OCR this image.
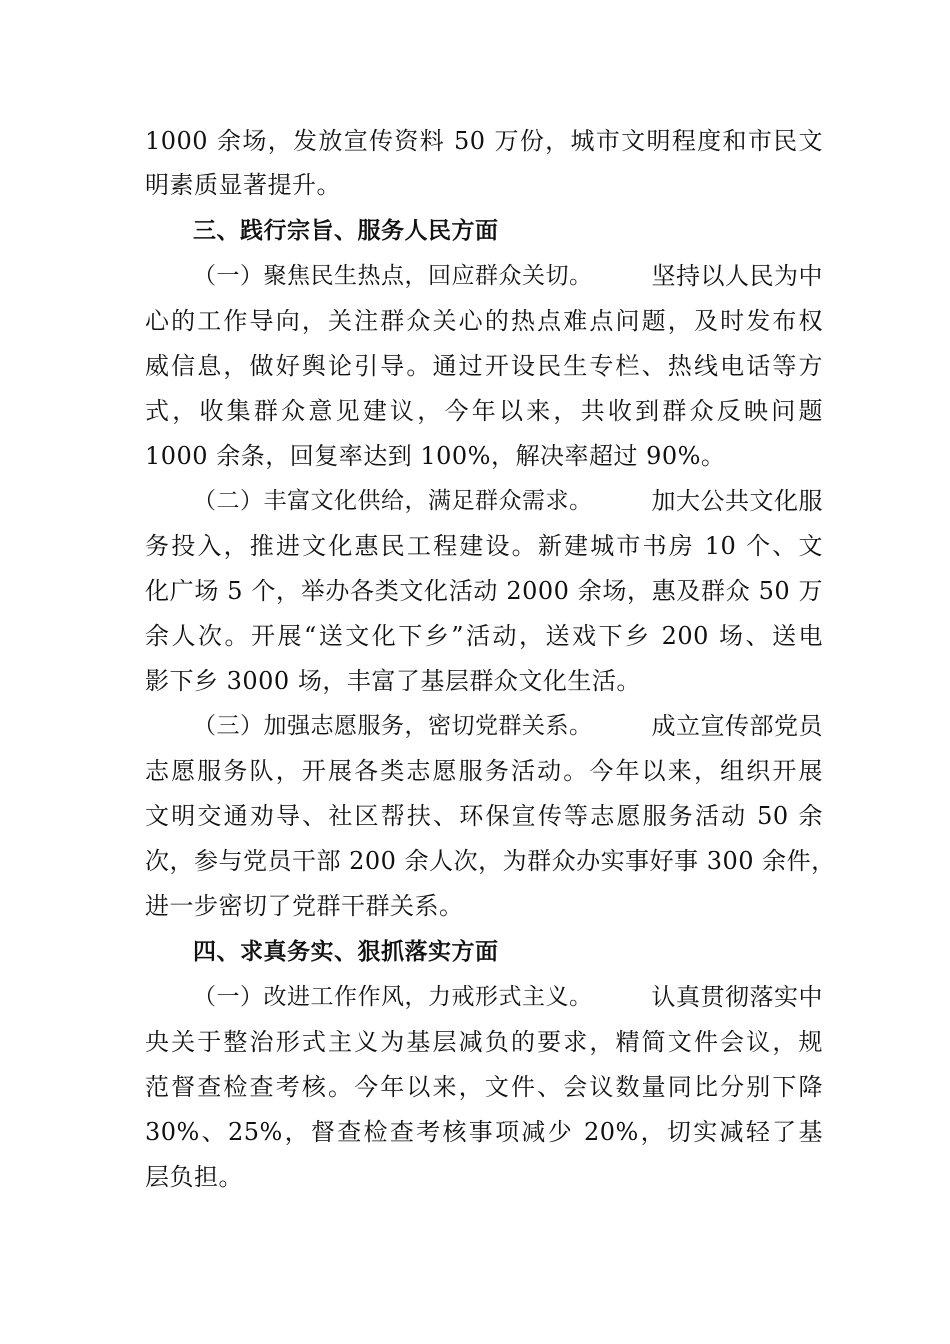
1000 余场，发放宣传资料 50 万份，城市文明程度和市民文
明素质显著提升。
三、践行宗旨、服务人民方面
（一）聚焦民生热点，回应群众关切。 坚持以人民为中
心的工作导向，关注群众关心的热点难点问题，及时发布权
威信息，做好舆论引导。通过开设民生专栏、热线电话等方
式，收集群众意见建议，今年以来，共收到群众反映问题
1000 余条，回复率达到 100%，解决率超过 90%。
（二）丰富文化供给，满足群众需求。 加大公共文化服
务投入，推进文化惠民工程建设。新建城市书房 10 个、文
化广场 5 个，举办各类文化活动 2000 余场，惠及群众 50 万
余人次。开展“送文化下乡”活动，送戏下乡 200 场、送电
影下乡 3000 场，丰富了基层群众文化生活。
（三）加强志愿服务，密切党群关系。 成立宣传部党员
志愿服务队，开展各类志愿服务活动。今年以来，组织开展
文明交通劝导、社区帮扶、环保宣传等志愿服务活动 50 余
次，参与党员干部 200 余人次，为群众办实事好事 300 余件，
进一步密切了党群干群关系。
四、求真务实、狠抓落实方面
（一）改进工作作风，力戒形式主义。 认真贯彻落实中
央关于整治形式主义为基层减负的要求，精简文件会议，规
范督查检查考核。今年以来，文件、会议数量同比分别下降
30%、25%，督查检查考核事项减少 20%，切实减轻了基
层负担。
